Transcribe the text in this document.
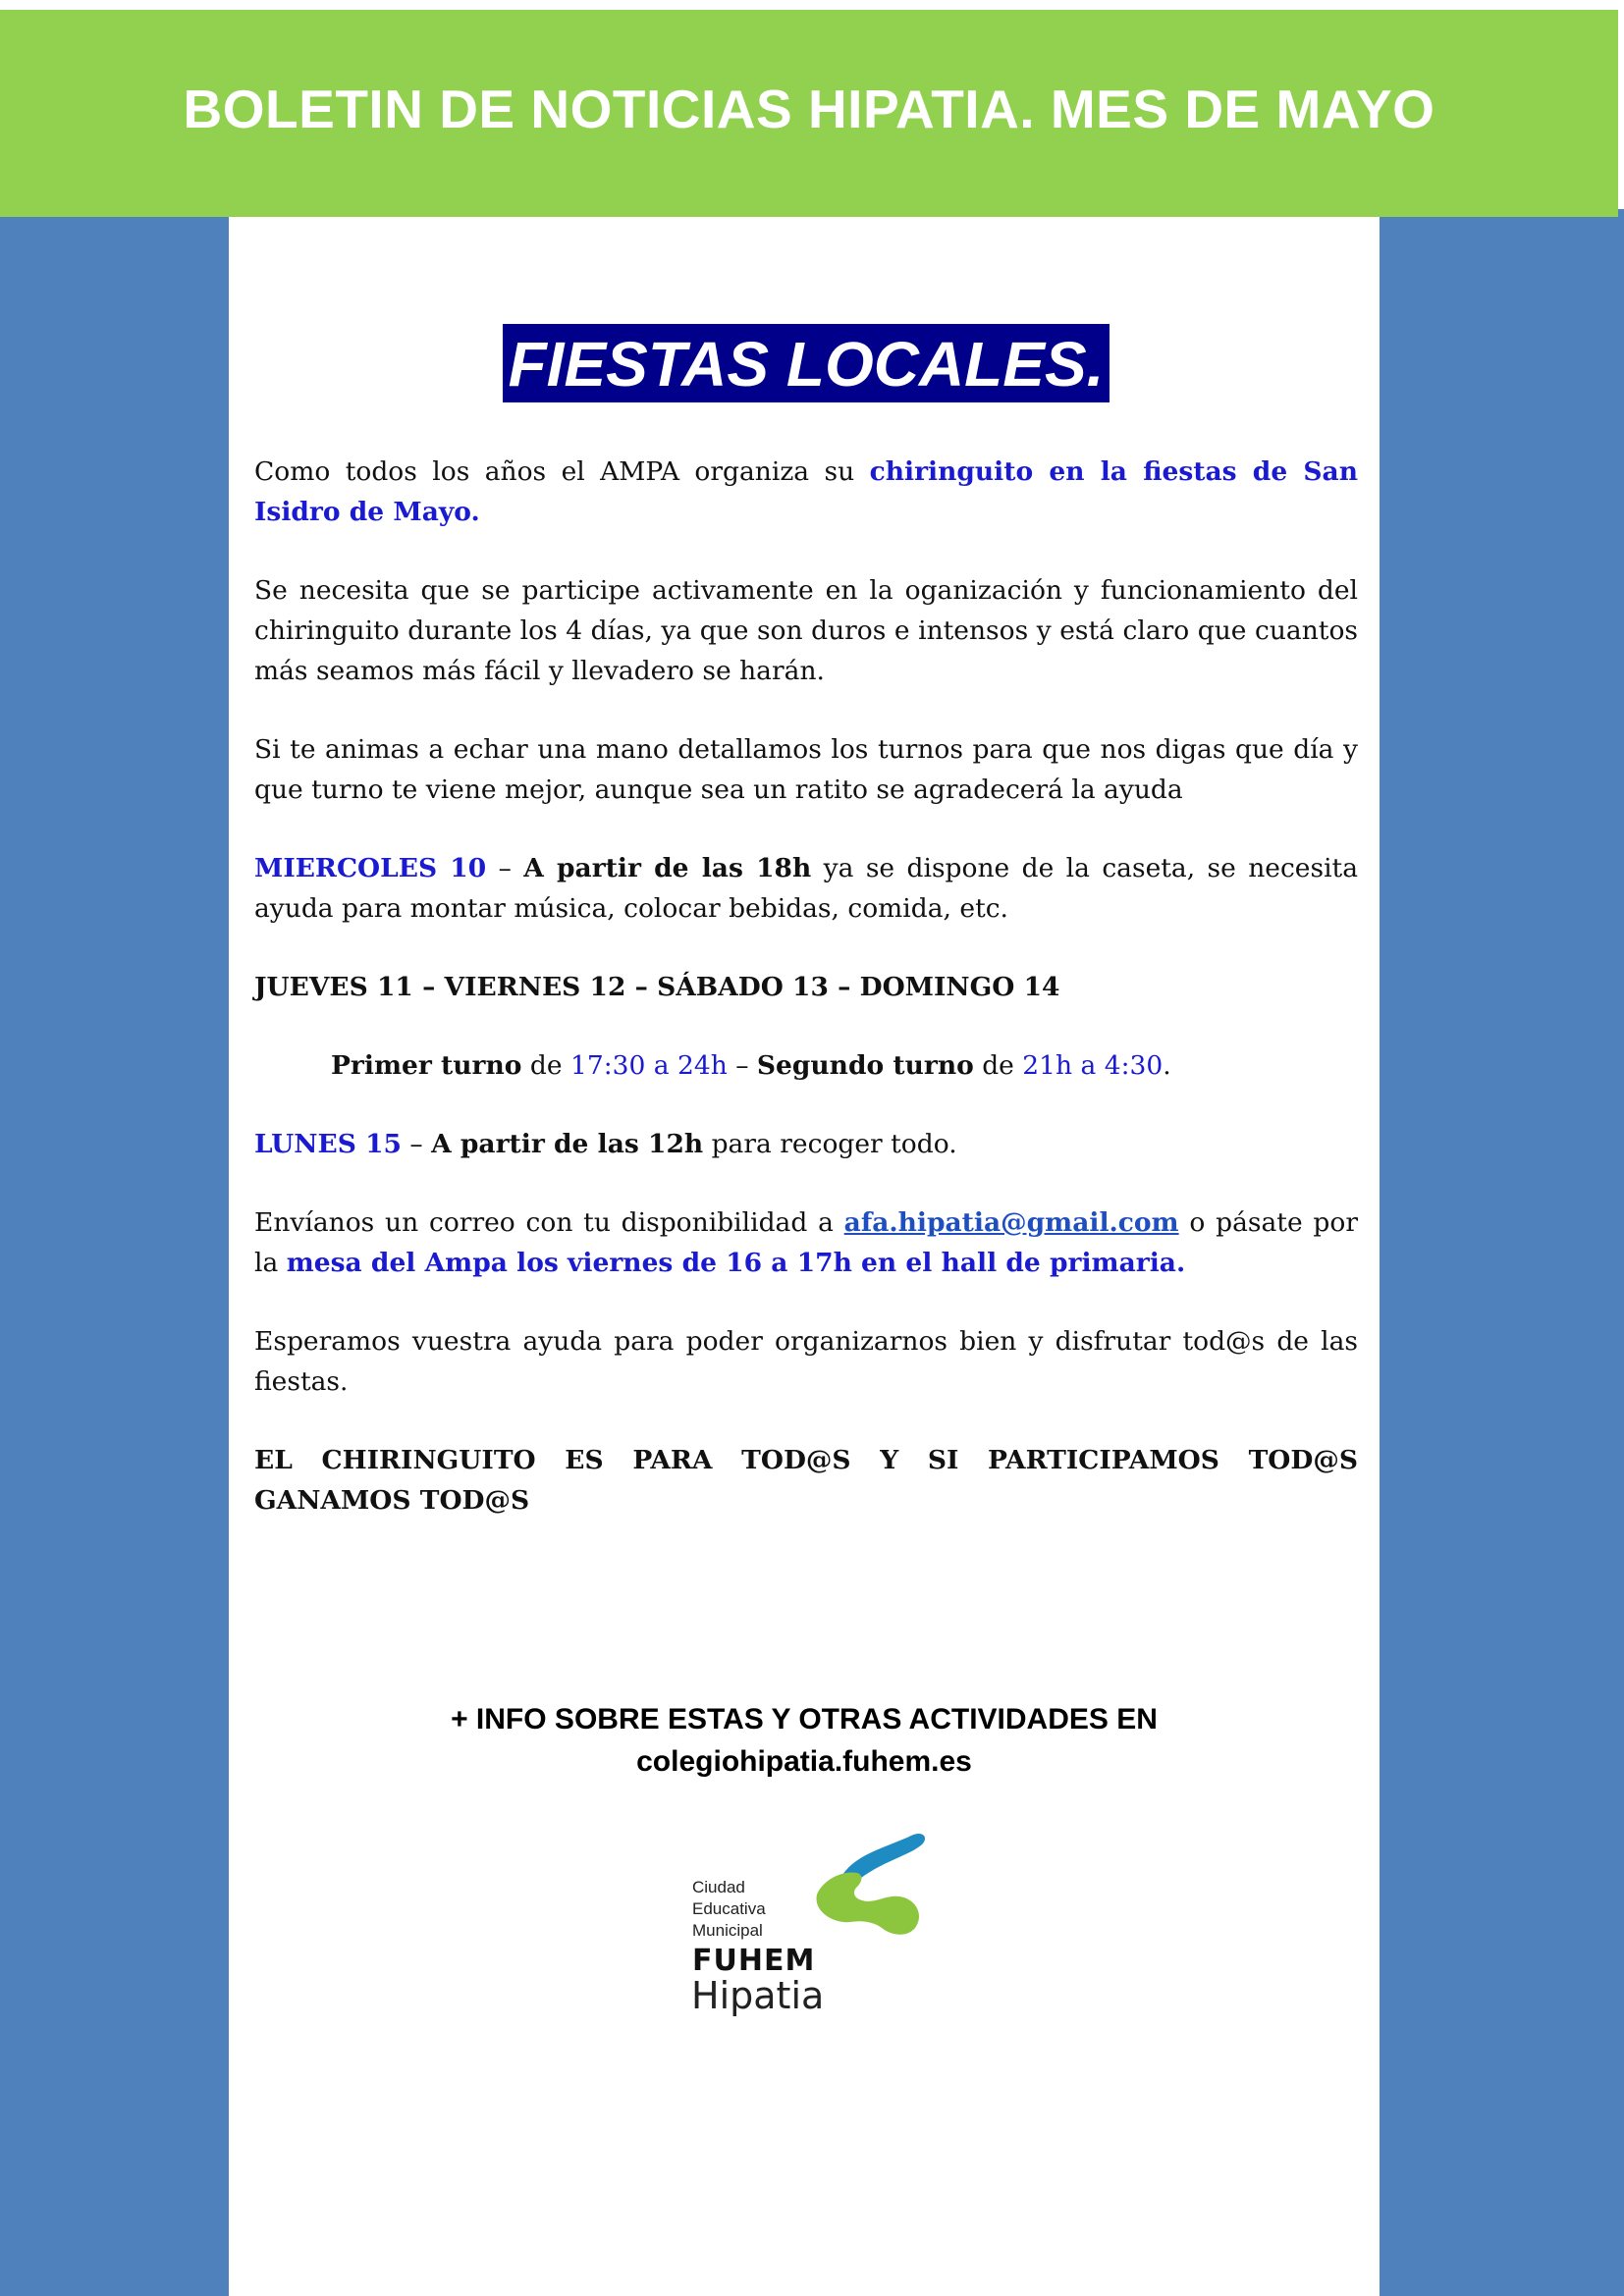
BOLETIN DE NOTICIAS HIPATIA. MES DE MAYO
FIESTAS LOCALES.

Como todos los años el AMPA organiza su chiringuito en la fiestas de San Isidro de Mayo.

Se necesita que se participe activamente en la oganización y funcionamiento del chiringuito durante los 4 días, ya que son duros e intensos y está claro que cuantos más seamos más fácil y llevadero se harán.

Si te animas a echar una mano detallamos los turnos para que nos digas que día y que turno te viene mejor, aunque sea un ratito se agradecerá la ayuda

MIERCOLES 10 – A partir de las 18h ya se dispone de la caseta, se necesita ayuda para montar música, colocar bebidas, comida, etc.

JUEVES 11 – VIERNES 12 – SÁBADO 13 – DOMINGO 14

Primer turno de 17:30 a 24h – Segundo turno de 21h a 4:30.

LUNES 15 – A partir de las 12h para recoger todo.

Envíanos un correo con tu disponibilidad a afa.hipatia@gmail.com o pásate por la mesa del Ampa los viernes de 16 a 17h en el hall de primaria.

Esperamos vuestra ayuda para poder organizarnos bien y disfrutar tod@s de las fiestas.

EL CHIRINGUITO ES PARA TOD@S Y SI PARTICIPAMOS TOD@S GANAMOS TOD@S

+ INFO SOBRE ESTAS Y OTRAS ACTIVIDADES EN
colegiohipatia.fuhem.es
Ciudad
Educativa
Municipal
FUHEM
Hipatia
